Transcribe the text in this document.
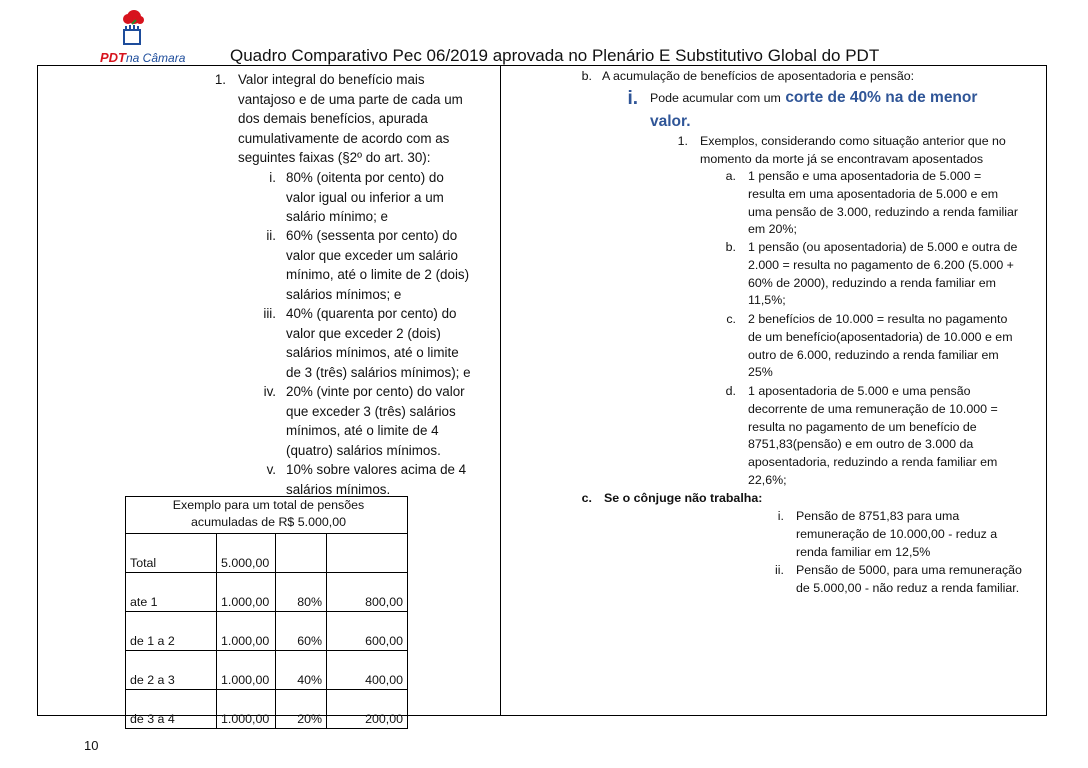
PDTna Câmara	Quadro Comparativo Pec 06/2019 aprovada no Plenário E Substitutivo Global do PDT
1. Valor integral do benefício mais
vantajoso e de uma parte de cada um
dos demais benefícios, apurada
cumulativamente de acordo com as
seguintes faixas (§2º do art. 30):
i. 80% (oitenta por cento) do
valor igual ou inferior a um
salário mínimo; e
ii. 60% (sessenta por cento) do
valor que exceder um salário
mínimo, até o limite de 2 (dois)
salários mínimos; e
iii. 40% (quarenta por cento) do
valor que exceder 2 (dois)
salários mínimos, até o limite
de 3 (três) salários mínimos); e
iv. 20% (vinte por cento) do valor
que exceder 3 (três) salários
mínimos, até o limite de 4
(quatro) salários mínimos.
v. 10% sobre valores acima de 4
salários mínimos.
Exemplo para um total de pensões
acumuladas de R$ 5.000,00			

Total	5.000,00		
ate 1	1.000,00	80%	800,00
de 1 a 2	1.000,00	60%	600,00
de 2 a 3	1.000,00	40%	400,00
de 3 a 4	1.000,00	20%	200,00
b. A acumulação de benefícios de aposentadoria e pensão:
i. Pode acumular com um corte de 40% na de menor
valor.
1. Exemplos, considerando como situação anterior que no
momento da morte já se encontravam aposentados
a. 1 pensão e uma aposentadoria de 5.000 =
resulta em uma aposentadoria de 5.000 e em
uma pensão de 3.000, reduzindo a renda familiar
em 20%;
b. 1 pensão (ou aposentadoria) de 5.000 e outra de
2.000 = resulta no pagamento de 6.200 (5.000 +
60% de 2000), reduzindo a renda familiar em
11,5%;
c. 2 benefícios de 10.000 = resulta no pagamento
de um benefício(aposentadoria) de 10.000 e em
outro de 6.000, reduzindo a renda familiar em
25%
d. 1 aposentadoria de 5.000 e uma pensão
decorrente de uma remuneração de 10.000 =
resulta no pagamento de um benefício de
8751,83(pensão) e em outro de 3.000 da
aposentadoria, reduzindo a renda familiar em
22,6%;
c. Se o cônjuge não trabalha:
i. Pensão de 8751,83 para uma
remuneração de 10.000,00 - reduz a
renda familiar em 12,5%
ii. Pensão de 5000, para uma remuneração
de 5.000,00 - não reduz a renda familiar.
10
